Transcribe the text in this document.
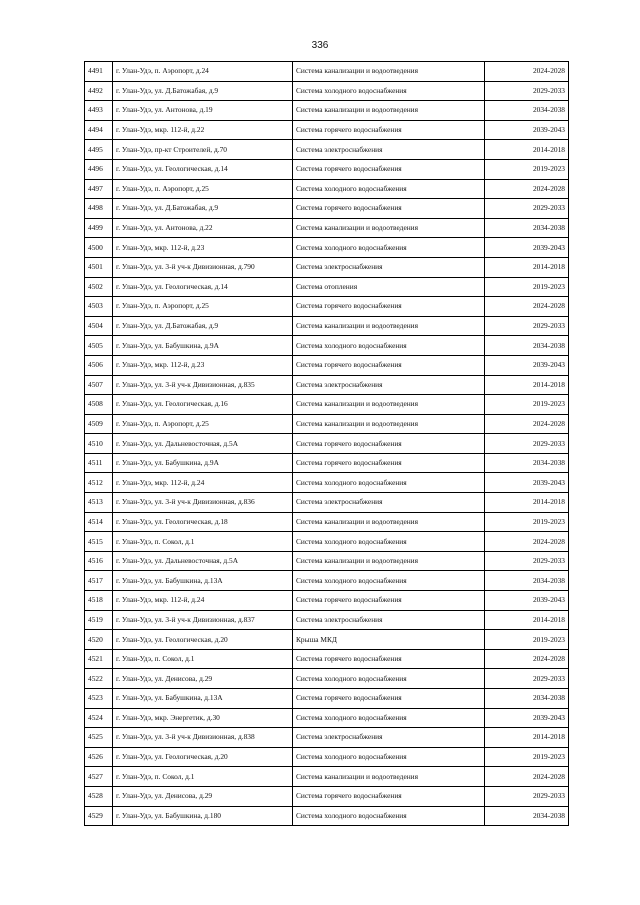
336
4491	г. Улан-Удэ, п. Аэропорт, д.24	Система канализации и водоотведения	2024-2028
4492	г. Улан-Удэ, ул. Д.Батожабая, д.9	Система холодного водоснабжения	2029-2033
4493	г. Улан-Удэ, ул. Антонова, д.19	Система канализации и водоотведения	2034-2038
4494	г. Улан-Удэ, мкр. 112-й, д.22	Система горячего водоснабжения	2039-2043
4495	г. Улан-Удэ, пр-кт Строителей, д.70	Система электроснабжения	2014-2018
4496	г. Улан-Удэ, ул. Геологическая, д.14	Система горячего водоснабжения	2019-2023
4497	г. Улан-Удэ, п. Аэропорт, д.25	Система холодного водоснабжения	2024-2028
4498	г. Улан-Удэ, ул. Д.Батожабая, д.9	Система горячего водоснабжения	2029-2033
4499	г. Улан-Удэ, ул. Антонова, д.22	Система канализации и водоотведения	2034-2038
4500	г. Улан-Удэ, мкр. 112-й, д.23	Система холодного водоснабжения	2039-2043
4501	г. Улан-Удэ, ул. 3-й уч-к Дивизионная, д.790	Система электроснабжения	2014-2018
4502	г. Улан-Удэ, ул. Геологическая, д.14	Система отопления	2019-2023
4503	г. Улан-Удэ, п. Аэропорт, д.25	Система горячего водоснабжения	2024-2028
4504	г. Улан-Удэ, ул. Д.Батожабая, д.9	Система канализации и водоотведения	2029-2033
4505	г. Улан-Удэ, ул. Бабушкина, д.9А	Система холодного водоснабжения	2034-2038
4506	г. Улан-Удэ, мкр. 112-й, д.23	Система горячего водоснабжения	2039-2043
4507	г. Улан-Удэ, ул. 3-й уч-к Дивизионная, д.835	Система электроснабжения	2014-2018
4508	г. Улан-Удэ, ул. Геологическая, д.16	Система канализации и водоотведения	2019-2023
4509	г. Улан-Удэ, п. Аэропорт, д.25	Система канализации и водоотведения	2024-2028
4510	г. Улан-Удэ, ул. Дальневосточная, д.5А	Система горячего водоснабжения	2029-2033
4511	г. Улан-Удэ, ул. Бабушкина, д.9А	Система горячего водоснабжения	2034-2038
4512	г. Улан-Удэ, мкр. 112-й, д.24	Система холодного водоснабжения	2039-2043
4513	г. Улан-Удэ, ул. 3-й уч-к Дивизионная, д.836	Система электроснабжения	2014-2018
4514	г. Улан-Удэ, ул. Геологическая, д.18	Система канализации и водоотведения	2019-2023
4515	г. Улан-Удэ, п. Сокол, д.1	Система холодного водоснабжения	2024-2028
4516	г. Улан-Удэ, ул. Дальневосточная, д.5А	Система канализации и водоотведения	2029-2033
4517	г. Улан-Удэ, ул. Бабушкина, д.13А	Система холодного водоснабжения	2034-2038
4518	г. Улан-Удэ, мкр. 112-й, д.24	Система горячего водоснабжения	2039-2043
4519	г. Улан-Удэ, ул. 3-й уч-к Дивизионная, д.837	Система электроснабжения	2014-2018
4520	г. Улан-Удэ, ул. Геологическая, д.20	Крыша МКД	2019-2023
4521	г. Улан-Удэ, п. Сокол, д.1	Система горячего водоснабжения	2024-2028
4522	г. Улан-Удэ, ул. Денисова, д.29	Система холодного водоснабжения	2029-2033
4523	г. Улан-Удэ, ул. Бабушкина, д.13А	Система горячего водоснабжения	2034-2038
4524	г. Улан-Удэ, мкр. Энергетик, д.30	Система холодного водоснабжения	2039-2043
4525	г. Улан-Удэ, ул. 3-й уч-к Дивизионная, д.838	Система электроснабжения	2014-2018
4526	г. Улан-Удэ, ул. Геологическая, д.20	Система холодного водоснабжения	2019-2023
4527	г. Улан-Удэ, п. Сокол, д.1	Система канализации и водоотведения	2024-2028
4528	г. Улан-Удэ, ул. Денисова, д.29	Система горячего водоснабжения	2029-2033
4529	г. Улан-Удэ, ул. Бабушкина, д.180	Система холодного водоснабжения	2034-2038
